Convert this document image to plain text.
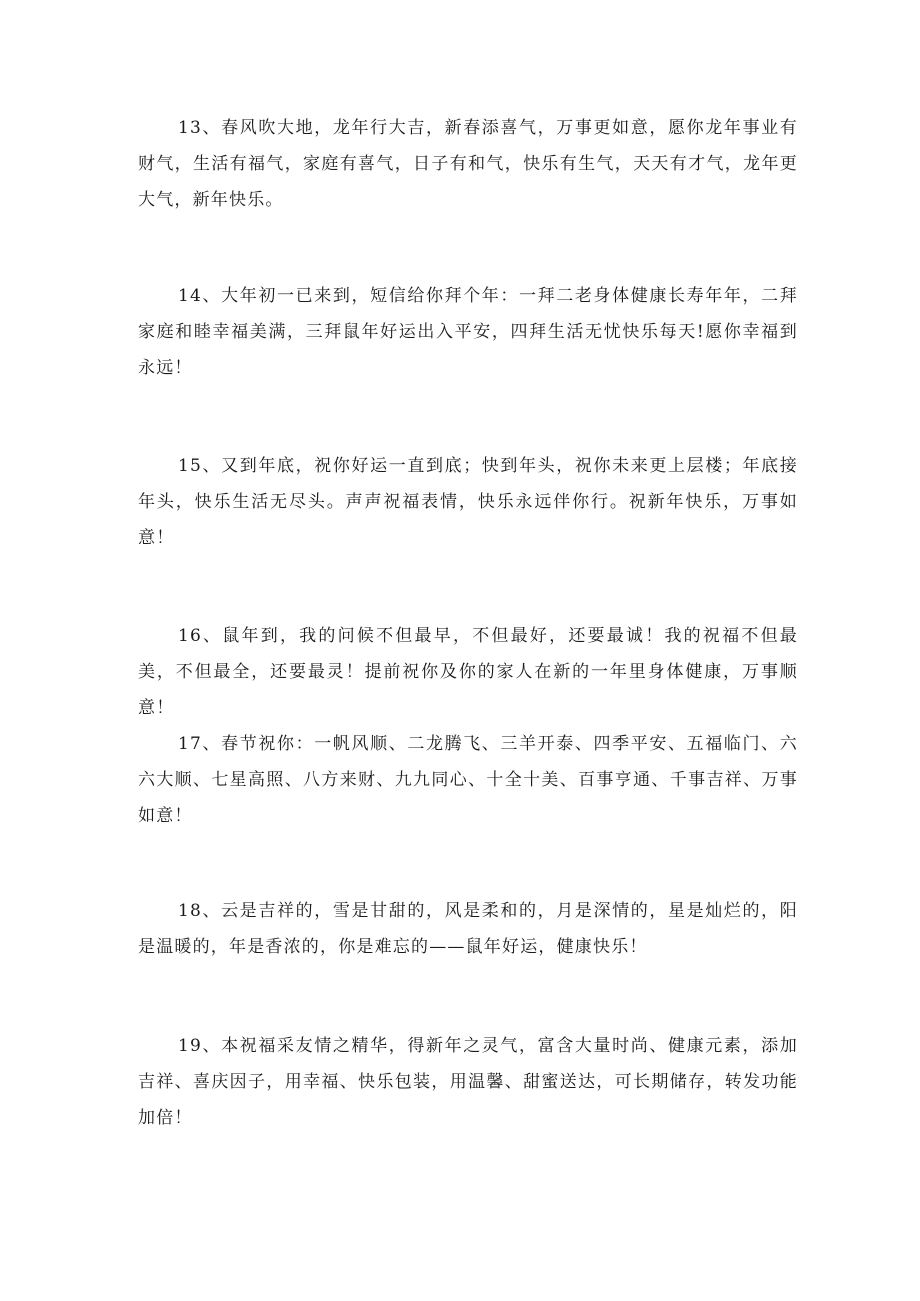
13、春风吹大地，龙年行大吉，新春添喜气，万事更如意，愿你龙年事业有财气，生活有福气，家庭有喜气，日子有和气，快乐有生气，天天有才气，龙年更大气，新年快乐。

14、大年初一已来到，短信给你拜个年：一拜二老身体健康长寿年年，二拜家庭和睦幸福美满，三拜鼠年好运出入平安，四拜生活无忧快乐每天!愿你幸福到永远！

15、又到年底，祝你好运一直到底；快到年头，祝你未来更上层楼；年底接年头，快乐生活无尽头。声声祝福表情，快乐永远伴你行。祝新年快乐，万事如意！

16、鼠年到，我的问候不但最早，不但最好，还要最诚！我的祝福不但最美，不但最全，还要最灵！提前祝你及你的家人在新的一年里身体健康，万事顺意！

17、春节祝你：一帆风顺、二龙腾飞、三羊开泰、四季平安、五福临门、六六大顺、七星高照、八方来财、九九同心、十全十美、百事亨通、千事吉祥、万事如意！

18、云是吉祥的，雪是甘甜的，风是柔和的，月是深情的，星是灿烂的，阳是温暖的，年是香浓的，你是难忘的——鼠年好运，健康快乐！

19、本祝福采友情之精华，得新年之灵气，富含大量时尚、健康元素，添加吉祥、喜庆因子，用幸福、快乐包装，用温馨、甜蜜送达，可长期储存，转发功能加倍！
